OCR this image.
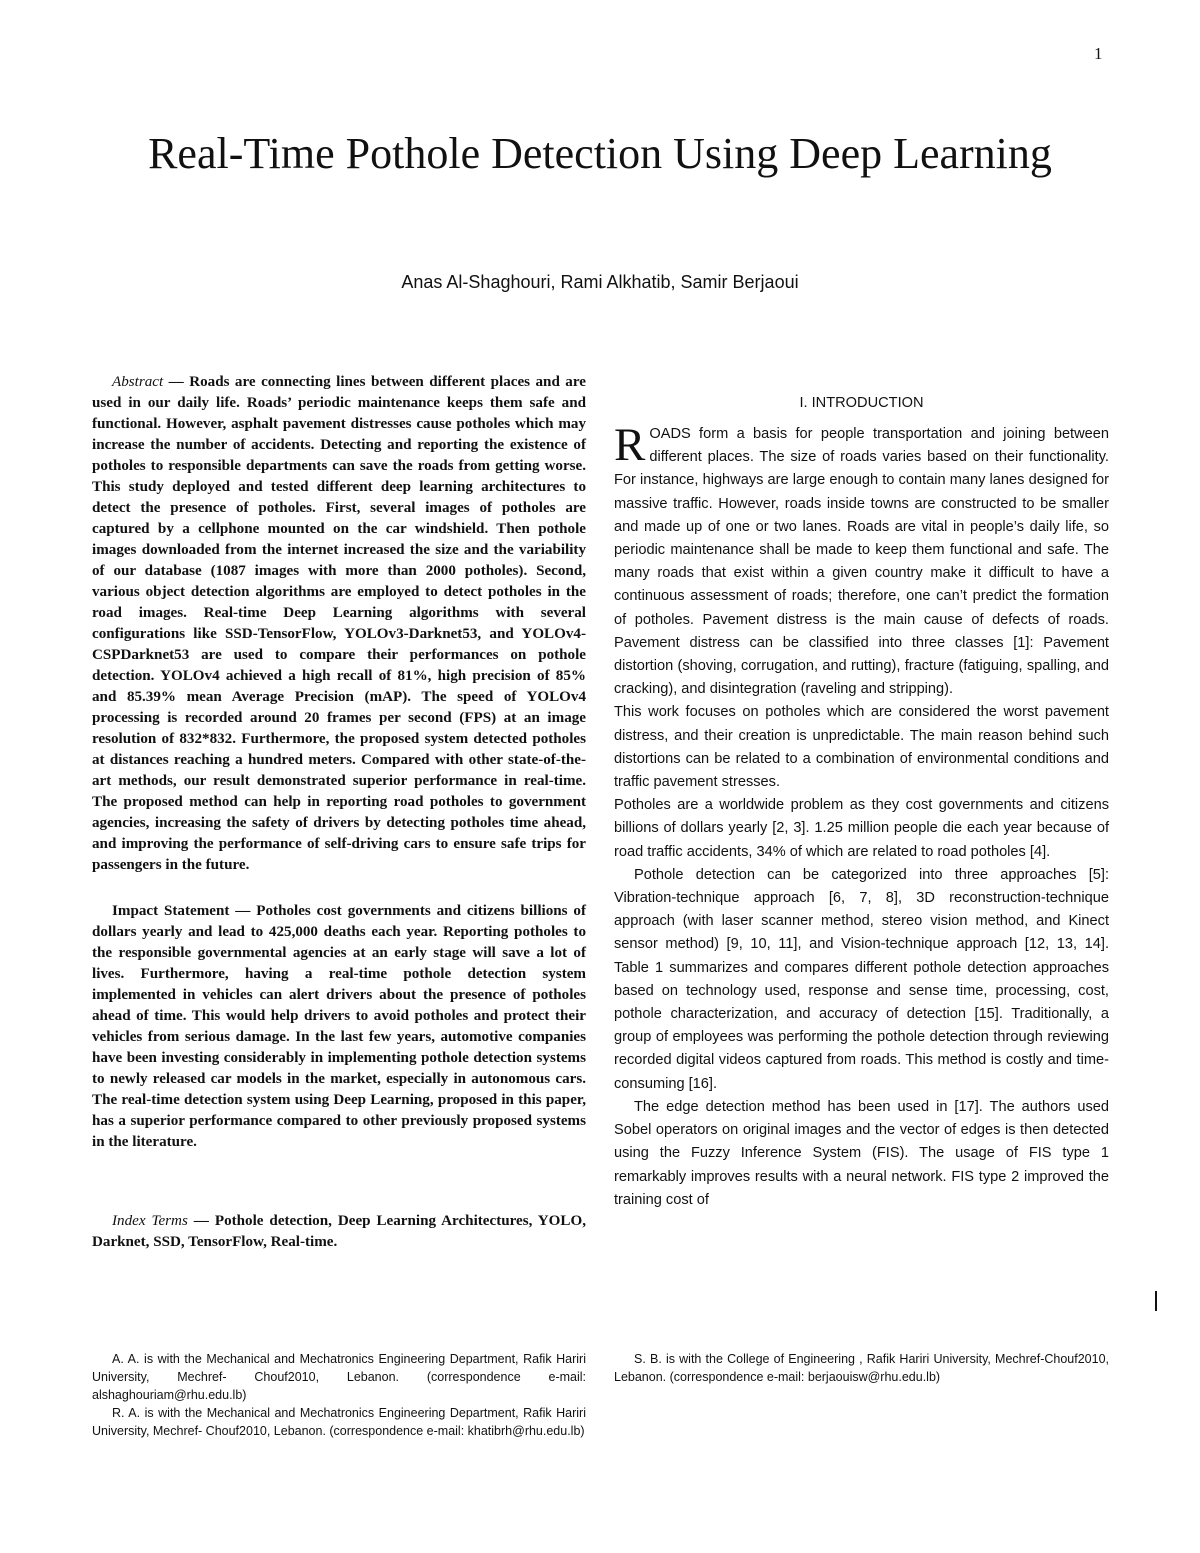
1
Real-Time Pothole Detection Using Deep Learning
Anas Al-Shaghouri, Rami Alkhatib, Samir Berjaoui

Abstract — Roads are connecting lines between different places and are used in our daily life. Roads’ periodic maintenance keeps them safe and functional. However, asphalt pavement distresses cause potholes which may increase the number of accidents. Detecting and reporting the existence of potholes to responsible departments can save the roads from getting worse. This study deployed and tested different deep learning architectures to detect the presence of potholes. First, several images of potholes are captured by a cellphone mounted on the car windshield. Then pothole images downloaded from the internet increased the size and the variability of our database (1087 images with more than 2000 potholes). Second, various object detection algorithms are employed to detect potholes in the road images. Real-time Deep Learning algorithms with several configurations like SSD-TensorFlow, YOLOv3-Darknet53, and YOLOv4-CSPDarknet53 are used to compare their performances on pothole detection. YOLOv4 achieved a high recall of 81%, high precision of 85% and 85.39% mean Average Precision (mAP). The speed of YOLOv4 processing is recorded around 20 frames per second (FPS) at an image resolution of 832*832. Furthermore, the proposed system detected potholes at distances reaching a hundred meters. Compared with other state-of-the-art methods, our result demonstrated superior performance in real-time. The proposed method can help in reporting road potholes to government agencies, increasing the safety of drivers by detecting potholes time ahead, and improving the performance of self-driving cars to ensure safe trips for passengers in the future.

Impact Statement — Potholes cost governments and citizens billions of dollars yearly and lead to 425,000 deaths each year. Reporting potholes to the responsible governmental agencies at an early stage will save a lot of lives. Furthermore, having a real-time pothole detection system implemented in vehicles can alert drivers about the presence of potholes ahead of time. This would help drivers to avoid potholes and protect their vehicles from serious damage. In the last few years, automotive companies have been investing considerably in implementing pothole detection systems to newly released car models in the market, especially in autonomous cars. The real-time detection system using Deep Learning, proposed in this paper, has a superior performance compared to other previously proposed systems in the literature.

Index Terms — Pothole detection, Deep Learning Architectures, YOLO, Darknet, SSD, TensorFlow, Real-time.

I. INTRODUCTION

ROADS form a basis for people transportation and joining between different places. The size of roads varies based on their functionality. For instance, highways are large enough to contain many lanes designed for massive traffic. However, roads inside towns are constructed to be smaller and made up of one or two lanes. Roads are vital in people’s daily life, so periodic maintenance shall be made to keep them functional and safe. The many roads that exist within a given country make it difficult to have a continuous assessment of roads; therefore, one can’t predict the formation of potholes. Pavement distress is the main cause of defects of roads. Pavement distress can be classified into three classes [1]: Pavement distortion (shoving, corrugation, and rutting), fracture (fatiguing, spalling, and cracking), and disintegration (raveling and stripping).

This work focuses on potholes which are considered the worst pavement distress, and their creation is unpredictable. The main reason behind such distortions can be related to a combination of environmental conditions and traffic pavement stresses.

Potholes are a worldwide problem as they cost governments and citizens billions of dollars yearly [2, 3]. 1.25 million people die each year because of road traffic accidents, 34% of which are related to road potholes [4].

Pothole detection can be categorized into three approaches [5]: Vibration-technique approach [6, 7, 8], 3D reconstruction-technique approach (with laser scanner method, stereo vision method, and Kinect sensor method) [9, 10, 11], and Vision-technique approach [12, 13, 14]. Table 1 summarizes and compares different pothole detection approaches based on technology used, response and sense time, processing, cost, pothole characterization, and accuracy of detection [15]. Traditionally, a group of employees was performing the pothole detection through reviewing recorded digital videos captured from roads. This method is costly and time-consuming [16].

The edge detection method has been used in [17]. The authors used Sobel operators on original images and the vector of edges is then detected using the Fuzzy Inference System (FIS). The usage of FIS type 1 remarkably improves results with a neural network. FIS type 2 improved the training cost of

A. A. is with the Mechanical and Mechatronics Engineering Department, Rafik Hariri University, Mechref- Chouf2010, Lebanon. (correspondence e-mail: alshaghouriam@rhu.edu.lb)

R. A. is with the Mechanical and Mechatronics Engineering Department, Rafik Hariri University, Mechref- Chouf2010, Lebanon. (correspondence e-mail: khatibrh@rhu.edu.lb)

S. B. is with the College of Engineering , Rafik Hariri University, Mechref-Chouf2010, Lebanon. (correspondence e-mail: berjaouisw@rhu.edu.lb)
